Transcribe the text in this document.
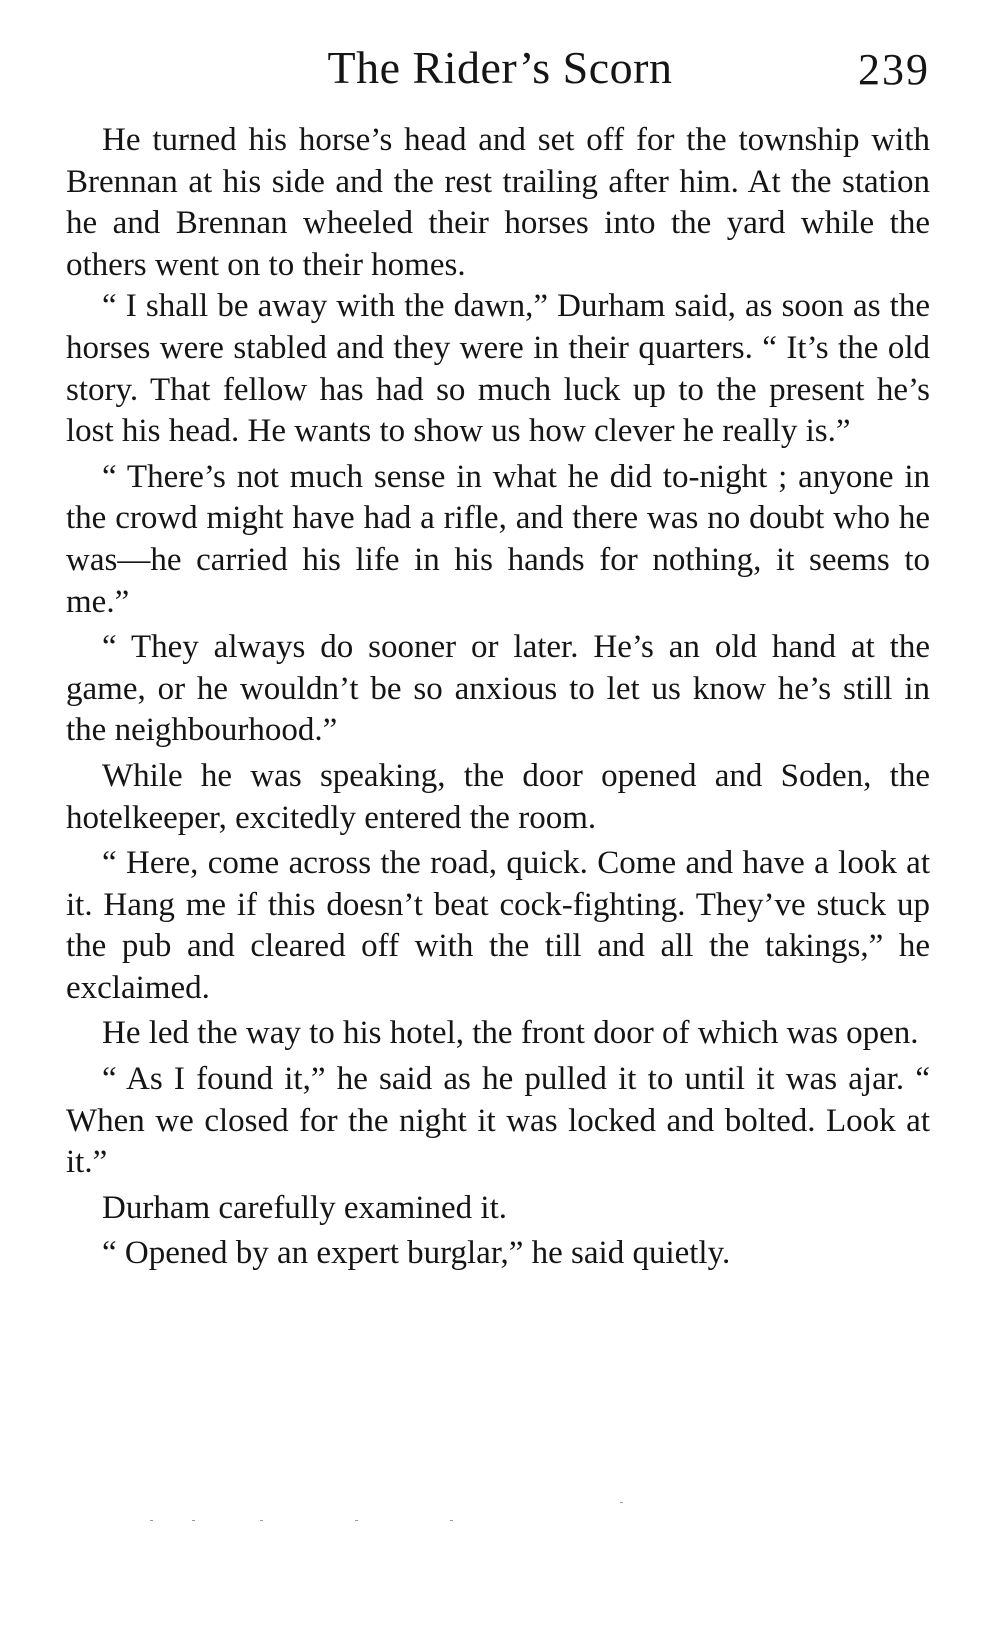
The Rider’s Scorn	239

He turned his horse’s head and set off for the township with Brennan at his side and the rest trailing after him. At the station he and Brennan wheeled their horses into the yard while the others went on to their homes.

“ I shall be away with the dawn,” Durham said, as soon as the horses were stabled and they were in their quarters. “ It’s the old story. That fellow has had so much luck up to the present he’s lost his head. He wants to show us how clever he really is.”

“ There’s not much sense in what he did to-night ; anyone in the crowd might have had a rifle, and there was no doubt who he was—he carried his life in his hands for nothing, it seems to me.”

“ They always do sooner or later. He’s an old hand at the game, or he wouldn’t be so anxious to let us know he’s still in the neighbourhood.”

While he was speaking, the door opened and Soden, the hotelkeeper, excitedly entered the room.

“ Here, come across the road, quick. Come and have a look at it. Hang me if this doesn’t beat cock-fighting. They’ve stuck up the pub and cleared off with the till and all the takings,” he exclaimed.

He led the way to his hotel, the front door of which was open.

“ As I found it,” he said as he pulled it to until it was ajar. “ When we closed for the night it was locked and bolted. Look at it.”

Durham carefully examined it.

“ Opened by an expert burglar,” he said quietly.
